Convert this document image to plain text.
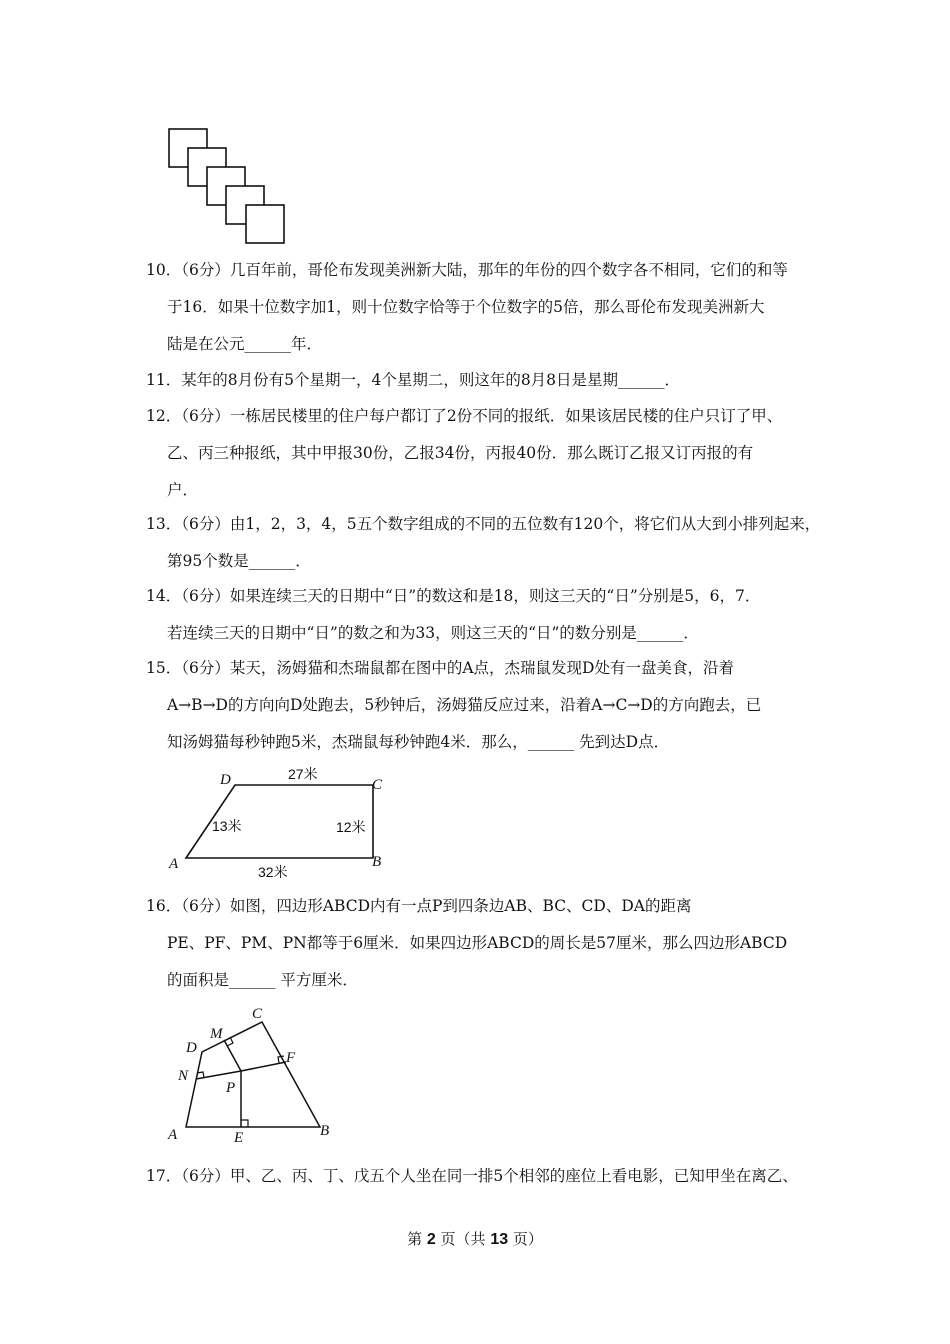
10．（6分）几百年前，哥伦布发现美洲新大陆，那年的年份的四个数字各不相同，它们的和等
于16．如果十位数字加1，则十位数字恰等于个位数字的5倍，那么哥伦布发现美洲新大
陆是在公元______年．
11．某年的8月份有5个星期一，4个星期二，则这年的8月8日是星期______．
12．（6分）一栋居民楼里的住户每户都订了2份不同的报纸．如果该居民楼的住户只订了甲、
乙、丙三种报纸，其中甲报30份，乙报34份，丙报40份．那么既订乙报又订丙报的有
户．
13．（6分）由1，2，3，4，5五个数字组成的不同的五位数有120个，将它们从大到小排列起来，
第95个数是______．
14．（6分）如果连续三天的日期中“日”的数这和是18，则这三天的“日”分别是5，6，7．
若连续三天的日期中“日”的数之和为33，则这三天的“日”的数分别是______．
15．（6分）某天，汤姆猫和杰瑞鼠都在图中的A点，杰瑞鼠发现D处有一盘美食，沿着
A→B→D的方向向D处跑去，5秒钟后，汤姆猫反应过来，沿着A→C→D的方向跑去，已
知汤姆猫每秒钟跑5米，杰瑞鼠每秒钟跑4米．那么，______ 先到达D点．
D	C
A	B
27米
13米	12米
32米
16．（6分）如图，四边形ABCD内有一点P到四条边AB、BC、CD、DA的距离
PE、PF、PM、PN都等于6厘米．如果四边形ABCD的周长是57厘米，那么四边形ABCD
的面积是______ 平方厘米．
C
M
D
F
N
P
A	E	B
17．（6分）甲、乙、丙、丁、戊五个人坐在同一排5个相邻的座位上看电影，已知甲坐在离乙、
第 2 页（共 13 页）
